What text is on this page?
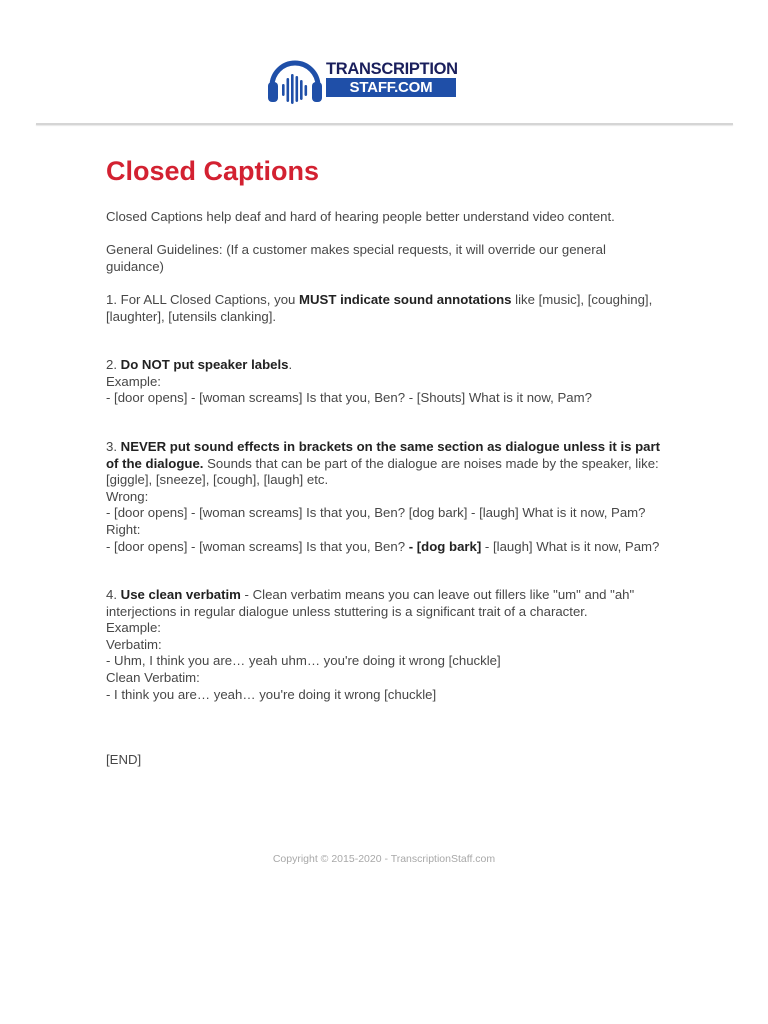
TRANSCRIPTION
STAFF.COM
Closed Captions

Closed Captions help deaf and hard of hearing people better understand video content.

General Guidelines: (If a customer makes special requests, it will override our general guidance)

1. For ALL Closed Captions, you MUST indicate sound annotations like [music], [coughing], [laughter], [utensils clanking].

2. Do NOT put speaker labels.

Example:

- [door opens] - [woman screams] Is that you, Ben? - [Shouts] What is it now, Pam?

3. NEVER put sound effects in brackets on the same section as dialogue unless it is part of the dialogue. Sounds that can be part of the dialogue are noises made by the speaker, like: [giggle], [sneeze], [cough], [laugh] etc.

Wrong:

- [door opens] - [woman screams] Is that you, Ben? [dog bark] - [laugh] What is it now, Pam?

Right:

- [door opens] - [woman screams] Is that you, Ben? - [dog bark] - [laugh] What is it now, Pam?

4. Use clean verbatim - Clean verbatim means you can leave out fillers like "um" and "ah" interjections in regular dialogue unless stuttering is a significant trait of a character.

Example:

Verbatim:

- Uhm, I think you are… yeah uhm… you're doing it wrong [chuckle]

Clean Verbatim:

- I think you are… yeah… you're doing it wrong [chuckle]

[END]

Copyright © 2015-2020 - TranscriptionStaff.com
